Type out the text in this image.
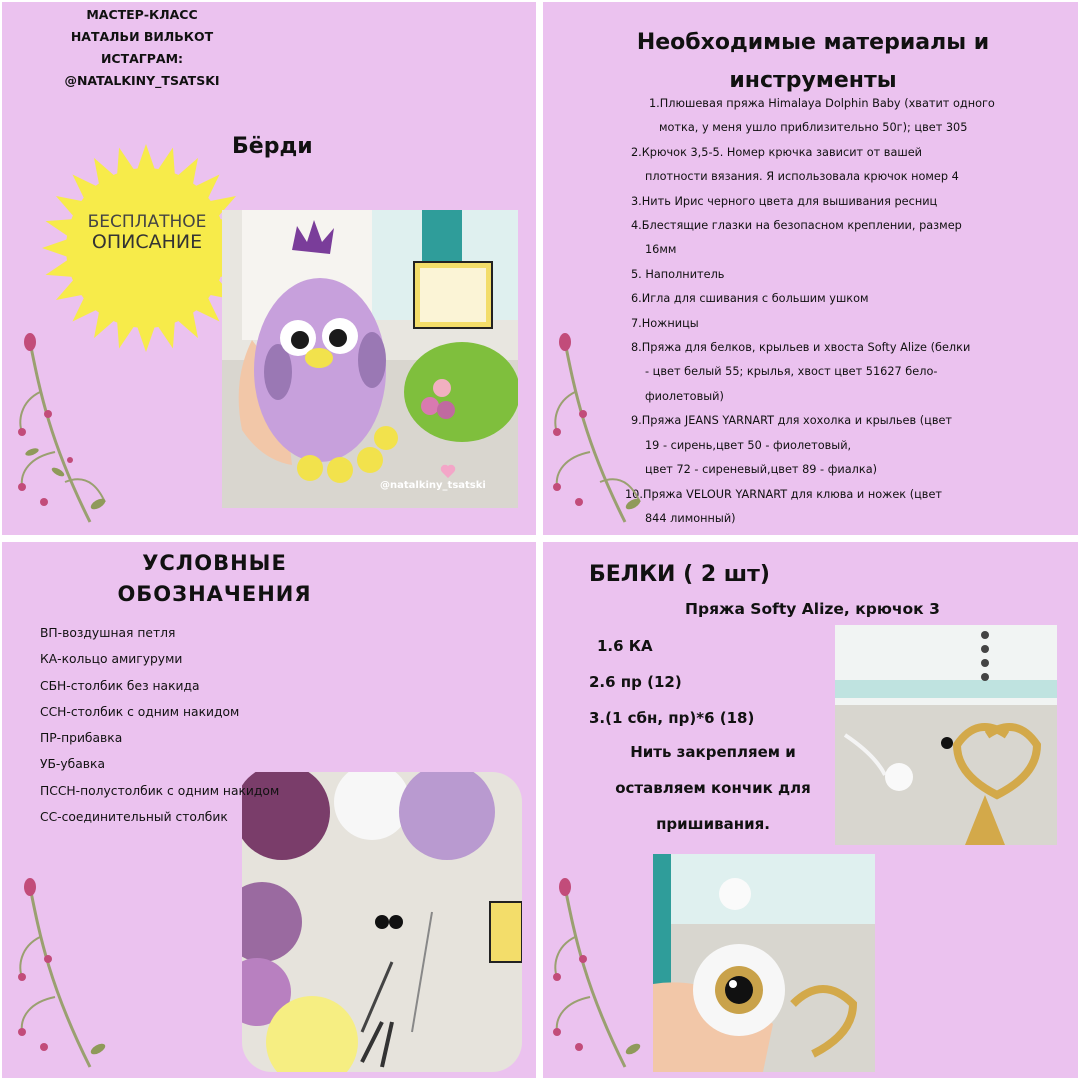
МАСТЕР-КЛАСС
НАТАЛЬИ ВИЛЬКОТ
ИСТАГРАМ:
@NATALKINY_TSATSKI
БЕСПЛАТНОЕ
ОПИСАНИЕ
Бёрди
@natalkiny_tsatski
Необходимые материалы и инструменты
1.Плюшевая пряжа Himalaya Dolphin Baby (хватит одного
мотка, у меня ушло приблизительно 50г); цвет 305
2.Крючок 3,5-5. Номер крючка зависит от вашей
плотности вязания. Я использовала крючок номер 4
3.Нить Ирис черного цвета для вышивания ресниц
4.Блестящие глазки на безопасном креплении, размер
16мм
5. Наполнитель
6.Игла для сшивания с большим ушком
7.Ножницы
8.Пряжа для белков, крыльев и хвоста Softy Alize (белки
- цвет белый 55; крылья, хвост цвет 51627 бело-
фиолетовый)
9.Пряжа JEANS YARNART для хохолка и крыльев (цвет
19 - сирень,цвет 50 - фиолетовый,
цвет 72 - сиреневый,цвет 89 - фиалка)
10.Пряжа VELOUR YARNART для клюва и ножек (цвет
844 лимонный)
УСЛОВНЫЕ
ОБОЗНАЧЕНИЯ
ВП-воздушная петля
КА-кольцо амигуруми
СБН-столбик без накида
ССН-столбик с одним накидом
ПР-прибавка
УБ-убавка
ПССН-полустолбик с одним накидом
СС-соединительный столбик
БЕЛКИ ( 2 шт)
Пряжа Softy Alize, крючок 3
1.6 КА
2.6 пр (12)
3.(1 сбн, пр)*6 (18)
Нить закрепляем и
оставляем кончик для
пришивания.
